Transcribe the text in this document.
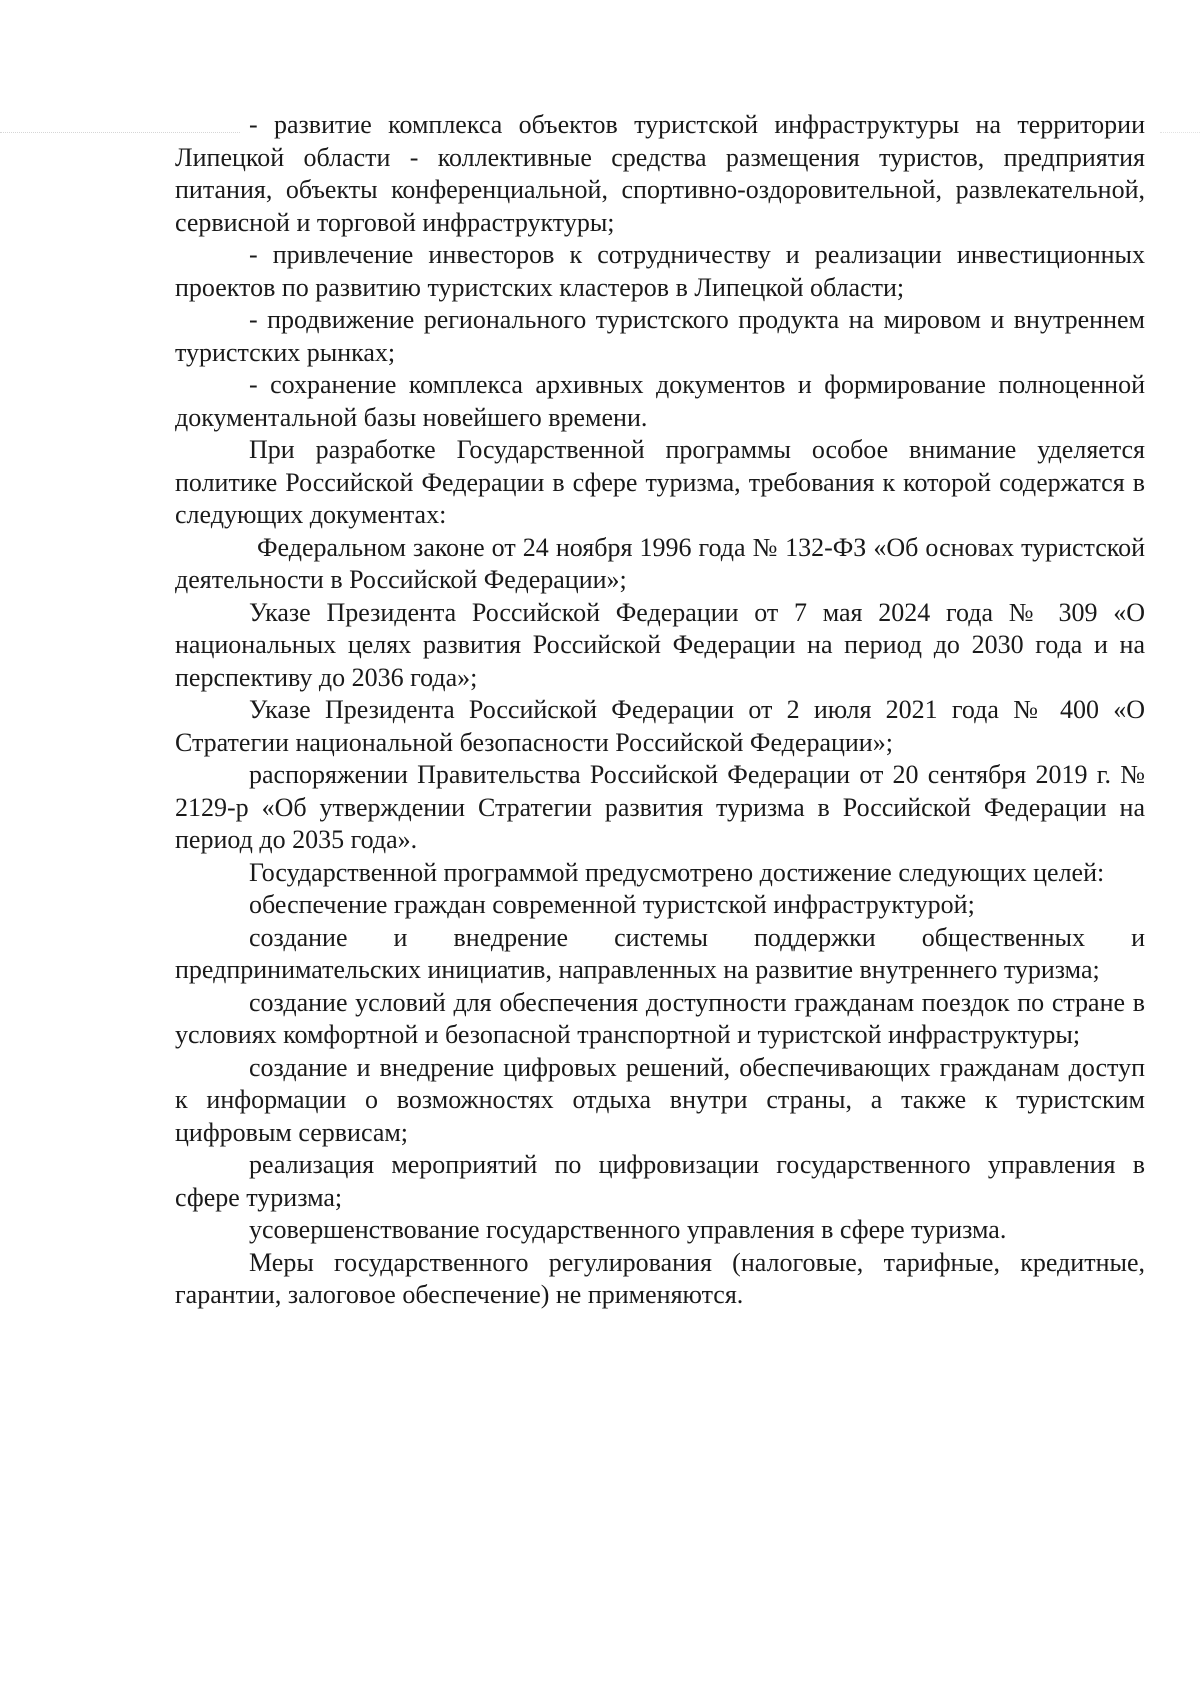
- развитие комплекса объектов туристской инфраструктуры на территории Липецкой области - коллективные средства размещения туристов, предприятия питания, объекты конференциальной, спортивно-оздоровительной, развлекательной, сервисной и торговой инфраструктуры;

- привлечение инвесторов к сотрудничеству и реализации инвестиционных проектов по развитию туристских кластеров в Липецкой области;

- продвижение регионального туристского продукта на мировом и внутреннем туристских рынках;

- сохранение комплекса архивных документов и формирование полноценной документальной базы новейшего времени.

При разработке Государственной программы особое внимание уделяется политике Российской Федерации в сфере туризма, требования к которой содержатся в следующих документах:

Федеральном законе от 24 ноября 1996 года № 132-ФЗ «Об основах туристской деятельности в Российской Федерации»;

Указе Президента Российской Федерации от 7 мая 2024 года № 309 «О национальных целях развития Российской Федерации на период до 2030 года и на перспективу до 2036 года»;

Указе Президента Российской Федерации от 2 июля 2021 года № 400 «О Стратегии национальной безопасности Российской Федерации»;

распоряжении Правительства Российской Федерации от 20 сентября 2019 г. № 2129-р «Об утверждении Стратегии развития туризма в Российской Федерации на период до 2035 года».

Государственной программой предусмотрено достижение следующих целей:

обеспечение граждан современной туристской инфраструктурой;

создание и внедрение системы поддержки общественных и предпринимательских инициатив, направленных на развитие внутреннего туризма;

создание условий для обеспечения доступности гражданам поездок по стране в условиях комфортной и безопасной транспортной и туристской инфраструктуры;

создание и внедрение цифровых решений, обеспечивающих гражданам доступ к информации о возможностях отдыха внутри страны, а также к туристским цифровым сервисам;

реализация мероприятий по цифровизации государственного управления в сфере туризма;

усовершенствование государственного управления в сфере туризма.

Меры государственного регулирования (налоговые, тарифные, кредитные, гарантии, залоговое обеспечение) не применяются.
